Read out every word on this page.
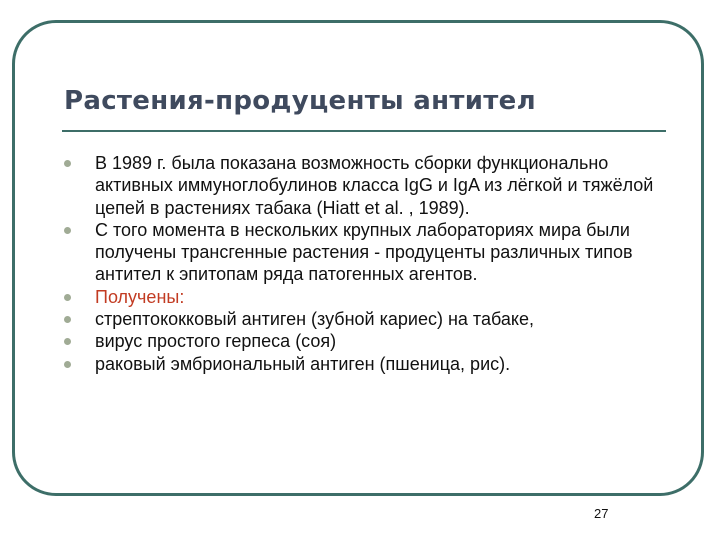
Растения-продуценты антител
В 1989 г. была показана возможность сборки функционально активных иммуноглобулинов класса IgG и IgA из лёгкой и тяжёлой цепей в растениях табака (Hiatt et al. , 1989).
С того момента в нескольких крупных лабораториях мира были получены трансгенные растения - продуценты различных типов антител к эпитопам ряда патогенных агентов.
Получены:
стрептококковый антиген (зубной кариес) на табаке,
вирус простого герпеса (соя)
раковый эмбриональный антиген (пшеница, рис).
27
